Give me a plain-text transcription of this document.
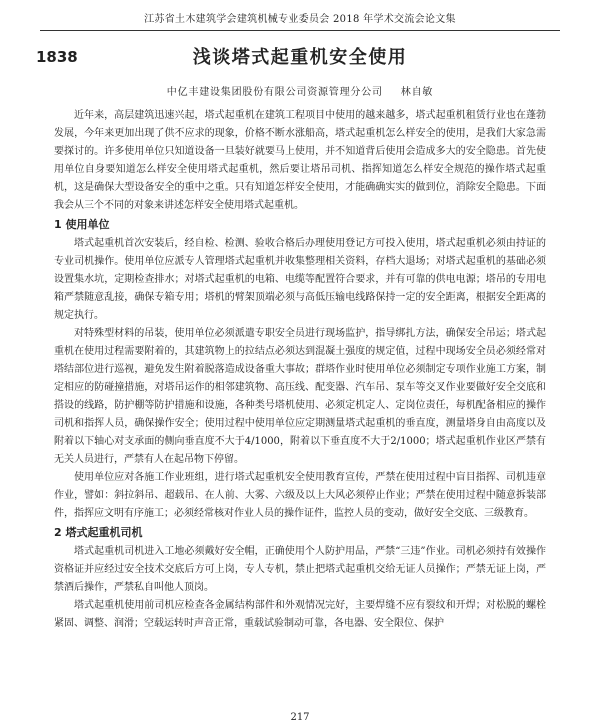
江苏省土木建筑学会建筑机械专业委员会 2018 年学术交流会论文集
1838	浅谈塔式起重机安全使用
中亿丰建设集团股份有限公司资源管理分公司 林自敏

近年来，高层建筑迅速兴起，塔式起重机在建筑工程项目中使用的越来越多，塔式起重机租赁行业也在蓬勃发展，今年来更加出现了供不应求的现象，价格不断水涨船高，塔式起重机怎么样安全的使用，是我们大家急需要探讨的。许多使用单位只知道设备一旦装好就要马上使用，并不知道背后使用会造成多大的安全隐患。首先使用单位自身要知道怎么样安全使用塔式起重机，然后要让塔吊司机、指挥知道怎么样安全规范的操作塔式起重机，这是确保大型设备安全的重中之重。只有知道怎样安全使用，才能确确实实的做到位，消除安全隐患。下面我会从三个不同的对象来讲述怎样安全使用塔式起重机。

1 使用单位

塔式起重机首次安装后，经自检、检测、验收合格后办理使用登记方可投入使用，塔式起重机必须由持证的专业司机操作。使用单位应派专人管理塔式起重机并收集整理相关资料，存档大退场；对塔式起重机的基础必须设置集水坑，定期检查排水；对塔式起重机的电箱、电缆等配置符合要求，并有可靠的供电电源；塔吊的专用电箱严禁随意乱接，确保专箱专用；塔机的臂架顶端必须与高低压输电线路保持一定的安全距离，根据安全距离的规定执行。

对特殊型材料的吊装，使用单位必须派遣专职安全员进行现场监护，指导绑扎方法，确保安全吊运；塔式起重机在使用过程需要附着的，其建筑物上的拉结点必须达到混凝土强度的规定值，过程中现场安全员必须经常对塔结部位进行巡视，避免发生附着脱落造成设备重大事故；群塔作业时使用单位必须制定专项作业施工方案，制定相应的防碰撞措施，对塔吊运作的相邻建筑物、高压线、配变器、汽车吊、泵车等交叉作业要做好安全交底和搭设的线路，防护棚等防护措施和设施，各种类号塔机使用、必须定机定人、定岗位责任，每机配备相应的操作司机和指挥人员，确保操作安全；使用过程中使用单位应定期测量塔式起重机的垂直度，测量塔身自由高度以及附着以下轴心对支承面的侧向垂直度不大于4/1000，附着以下垂直度不大于2/1000；塔式起重机作业区严禁有无关人员进行，严禁有人在起吊物下停留。

使用单位应对各施工作业班组，进行塔式起重机安全使用教育宣传，严禁在使用过程中盲目指挥、司机违章作业，譬如：斜拉斜吊、超载吊、在人前、大雾、六级及以上大风必须停止作业；严禁在使用过程中随意拆装部件，指挥应文明有序施工；必须经常核对作业人员的操作证件，监控人员的变动，做好安全交底、三级教育。

2 塔式起重机司机

塔式起重机司机进入工地必须戴好安全帽，正确使用个人防护用品，严禁“三违”作业。司机必须持有效操作资格证并应经过安全技术交底后方可上岗，专人专机，禁止把塔式起重机交给无证人员操作；严禁无证上岗，严禁酒后操作，严禁私自叫他人顶岗。

塔式起重机使用前司机应检查各金属结构部件和外观情况完好，主要焊缝不应有裂纹和开焊；对松脱的螺栓紧固、调整、润滑；空载运转时声音正常，重载试验制动可靠，各电器、安全限位、保护

217
